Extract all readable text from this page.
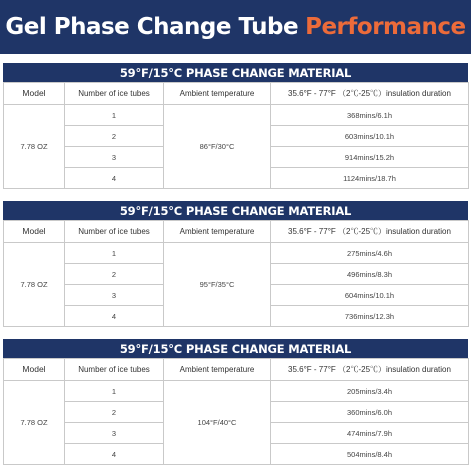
Gel Phase Change Tube Performance
59°F/15°C PHASE CHANGE MATERIAL
Model	Number of ice tubes	Ambient temperature	35.6°F - 77°F （2℃-25℃）insulation duration
7.78 OZ	1	86°F/30°C	368mins/6.1h
	2		603mins/10.1h
	3		914mins/15.2h
	4		1124mins/18.7h
59°F/15°C PHASE CHANGE MATERIAL
Model	Number of ice tubes	Ambient temperature	35.6°F - 77°F （2℃-25℃）insulation duration
7.78 OZ	1	95°F/35°C	275mins/4.6h
	2		496mins/8.3h
	3		604mins/10.1h
	4		736mins/12.3h
59°F/15°C PHASE CHANGE MATERIAL
Model	Number of ice tubes	Ambient temperature	35.6°F - 77°F （2℃-25℃）insulation duration
7.78 OZ	1	104°F/40°C	205mins/3.4h
	2		360mins/6.0h
	3		474mins/7.9h
	4		504mins/8.4h
